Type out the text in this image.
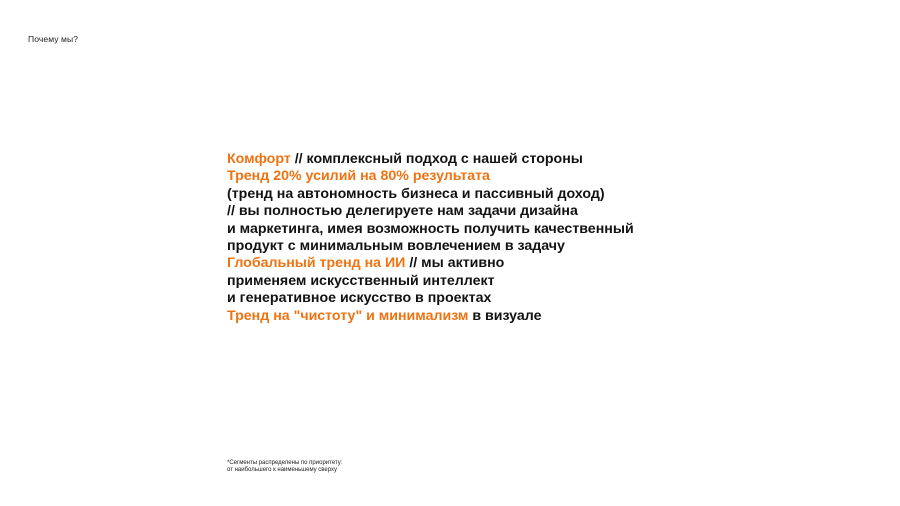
Почему мы?
Комфорт // комплексный подход с нашей стороны
Тренд 20% усилий на 80% результата
(тренд на автономность бизнеса и пассивный доход)
// вы полностью делегируете нам задачи дизайна
и маркетинга, имея возможность получить качественный
продукт с минимальным вовлечением в задачу
Глобальный тренд на ИИ // мы активно
применяем искусственный интеллект
и генеративное искусство в проектах
Тренд на "чистоту" и минимализм в визуале
*Сегменты распределены по приоритету:
от наибольшего к наименьшему сверху
